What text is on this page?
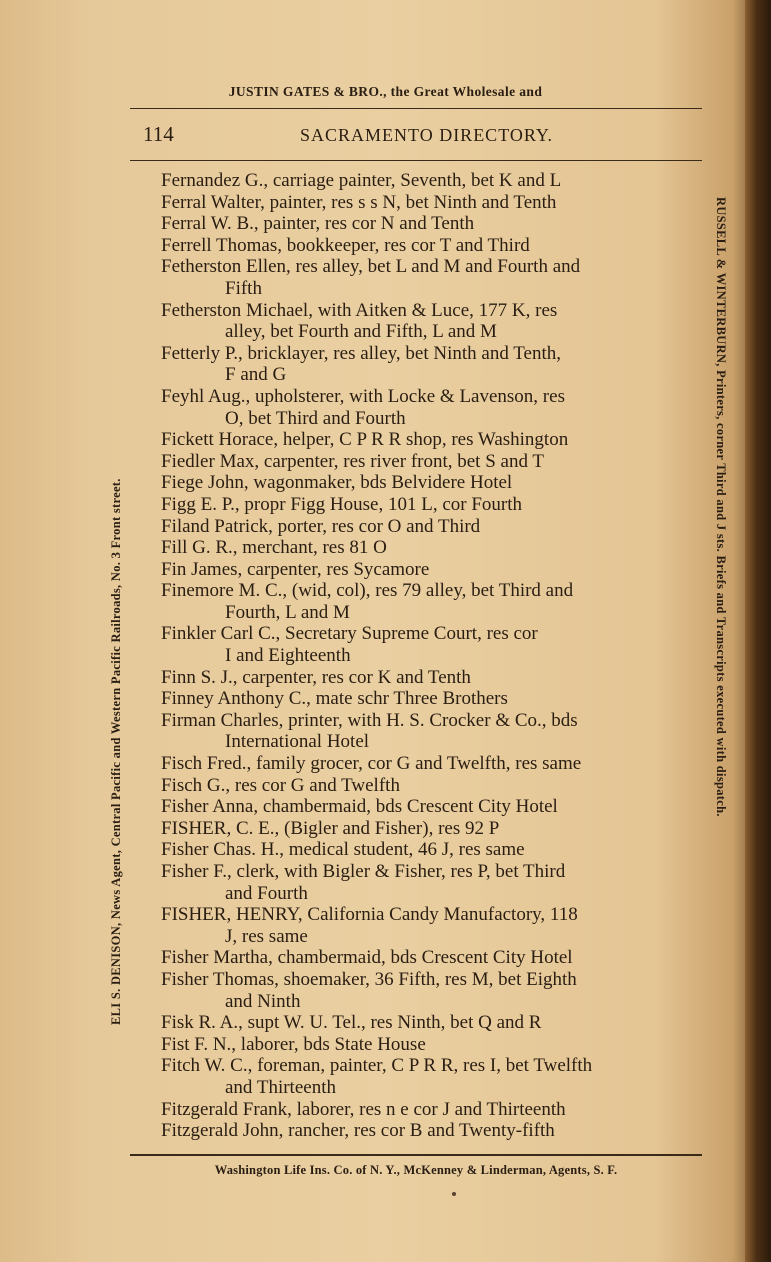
JUSTIN GATES & BRO., the Great Wholesale and
114	SACRAMENTO DIRECTORY.
ELI S. DENISON, News Agent, Central Pacific and Western Pacific Railroads, No. 3 Front street.	RUSSELL & WINTERBURN, Printers, corner Third and J sts. Briefs and Transcripts executed with dispatch.
Fernandez G., carriage painter, Seventh, bet K and L
Ferral Walter, painter, res s s N, bet Ninth and Tenth
Ferral W. B., painter, res cor N and Tenth
Ferrell Thomas, bookkeeper, res cor T and Third
Fetherston Ellen, res alley, bet L and M and Fourth and
Fifth
Fetherston Michael, with Aitken & Luce, 177 K, res
alley, bet Fourth and Fifth, L and M
Fetterly P., bricklayer, res alley, bet Ninth and Tenth,
F and G
Feyhl Aug., upholsterer, with Locke & Lavenson, res
O, bet Third and Fourth
Fickett Horace, helper, C P R R shop, res Washington
Fiedler Max, carpenter, res river front, bet S and T
Fiege John, wagonmaker, bds Belvidere Hotel
Figg E. P., propr Figg House, 101 L, cor Fourth
Filand Patrick, porter, res cor O and Third
Fill G. R., merchant, res 81 O
Fin James, carpenter, res Sycamore
Finemore M. C., (wid, col), res 79 alley, bet Third and
Fourth, L and M
Finkler Carl C., Secretary Supreme Court, res cor
I and Eighteenth
Finn S. J., carpenter, res cor K and Tenth
Finney Anthony C., mate schr Three Brothers
Firman Charles, printer, with H. S. Crocker & Co., bds
International Hotel
Fisch Fred., family grocer, cor G and Twelfth, res same
Fisch G., res cor G and Twelfth
Fisher Anna, chambermaid, bds Crescent City Hotel
FISHER, C. E., (Bigler and Fisher), res 92 P
Fisher Chas. H., medical student, 46 J, res same
Fisher F., clerk, with Bigler & Fisher, res P, bet Third
and Fourth
FISHER, HENRY, California Candy Manufactory, 118
J, res same
Fisher Martha, chambermaid, bds Crescent City Hotel
Fisher Thomas, shoemaker, 36 Fifth, res M, bet Eighth
and Ninth
Fisk R. A., supt W. U. Tel., res Ninth, bet Q and R
Fist F. N., laborer, bds State House
Fitch W. C., foreman, painter, C P R R, res I, bet Twelfth
and Thirteenth
Fitzgerald Frank, laborer, res n e cor J and Thirteenth
Fitzgerald John, rancher, res cor B and Twenty-fifth
Washington Life Ins. Co. of N. Y., McKenney & Linderman, Agents, S. F.
